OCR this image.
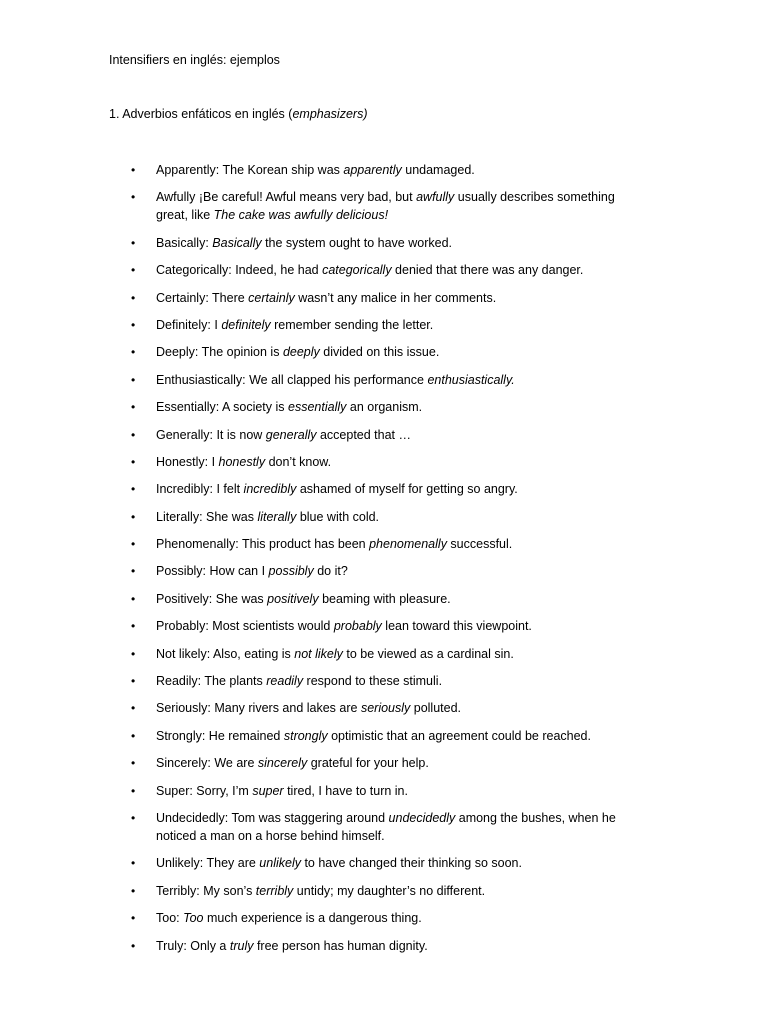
Intensifiers en inglés: ejemplos
1. Adverbios enfáticos en inglés (emphasizers)
• Apparently: The Korean ship was apparently undamaged.
• Awfully ¡Be careful! Awful means very bad, but awfully usually describes something great, like The cake was awfully delicious!
• Basically: Basically the system ought to have worked.
• Categorically: Indeed, he had categorically denied that there was any danger.
• Certainly: There certainly wasn’t any malice in her comments.
• Definitely: I definitely remember sending the letter.
• Deeply: The opinion is deeply divided on this issue.
• Enthusiastically: We all clapped his performance enthusiastically.
• Essentially: A society is essentially an organism.
• Generally: It is now generally accepted that …
• Honestly: I honestly don’t know.
• Incredibly: I felt incredibly ashamed of myself for getting so angry.
• Literally: She was literally blue with cold.
• Phenomenally: This product has been phenomenally successful.
• Possibly: How can I possibly do it?
• Positively: She was positively beaming with pleasure.
• Probably: Most scientists would probably lean toward this viewpoint.
• Not likely: Also, eating is not likely to be viewed as a cardinal sin.
• Readily: The plants readily respond to these stimuli.
• Seriously: Many rivers and lakes are seriously polluted.
• Strongly: He remained strongly optimistic that an agreement could be reached.
• Sincerely: We are sincerely grateful for your help.
• Super: Sorry, I’m super tired, I have to turn in.
• Undecidedly: Tom was staggering around undecidedly among the bushes, when he noticed a man on a horse behind himself.
• Unlikely: They are unlikely to have changed their thinking so soon.
• Terribly: My son’s terribly untidy; my daughter’s no different.
• Too: Too much experience is a dangerous thing.
• Truly: Only a truly free person has human dignity.
